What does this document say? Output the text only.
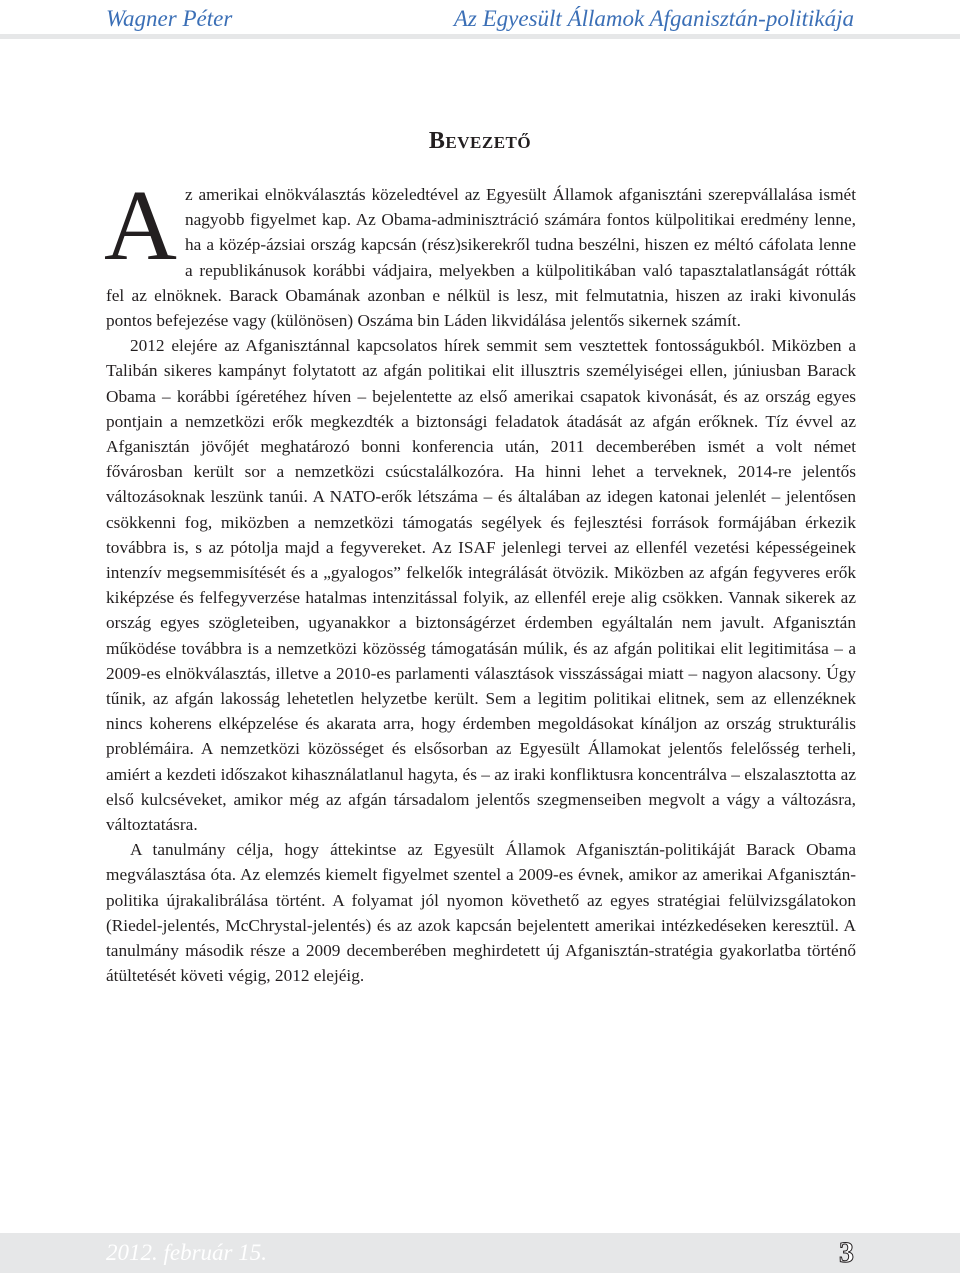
Wagner Péter	Az Egyesült Államok Afganisztán-politikája
Bevezető

Az amerikai elnökválasztás közeledtével az Egyesült Államok afganisztáni szerepvállalása ismét nagyobb figyelmet kap. Az Obama-adminisztráció számára fontos külpolitikai eredmény lenne, ha a közép-ázsiai ország kapcsán (rész)sikerekről tudna beszélni, hiszen ez méltó cáfolata lenne a republikánusok korábbi vádjaira, melyekben a külpolitikában való tapasztalatlanságát rótták fel az elnöknek. Barack Obamának azonban e nélkül is lesz, mit felmutatnia, hiszen az iraki kivonulás pontos befejezése vagy (különösen) Oszáma bin Láden likvidálása jelentős sikernek számít.

2012 elejére az Afganisztánnal kapcsolatos hírek semmit sem vesztettek fontosságukból. Miközben a Talibán sikeres kampányt folytatott az afgán politikai elit illusztris személyiségei ellen, júniusban Barack Obama – korábbi ígéretéhez híven – bejelentette az első amerikai csapatok kivonását, és az ország egyes pontjain a nemzetközi erők megkezdték a biztonsági feladatok átadását az afgán erőknek. Tíz évvel az Afganisztán jövőjét meghatározó bonni konferencia után, 2011 decemberében ismét a volt német fővárosban került sor a nemzetközi csúcstalálkozóra. Ha hinni lehet a terveknek, 2014-re jelentős változásoknak leszünk tanúi. A NATO-erők létszáma – és általában az idegen katonai jelenlét – jelentősen csökkenni fog, miközben a nemzetközi támogatás segélyek és fejlesztési források formájában érkezik továbbra is, s az pótolja majd a fegyvereket. Az ISAF jelenlegi tervei az ellenfél vezetési képességeinek intenzív megsemmisítését és a „gyalogos” felkelők integrálását ötvözik. Miközben az afgán fegyveres erők kiképzése és felfegyverzése hatalmas intenzitással folyik, az ellenfél ereje alig csökken. Vannak sikerek az ország egyes szögleteiben, ugyanakkor a biztonságérzet érdemben egyáltalán nem javult. Afganisztán működése továbbra is a nemzetközi közösség támogatásán múlik, és az afgán politikai elit legitimitása – a 2009-es elnökválasztás, illetve a 2010-es parlamenti választások visszásságai miatt – nagyon alacsony. Úgy tűnik, az afgán lakosság lehetetlen helyzetbe került. Sem a legitim politikai elitnek, sem az ellenzéknek nincs koherens elképzelése és akarata arra, hogy érdemben megoldásokat kínáljon az ország strukturális problémáira. A nemzetközi közösséget és elsősorban az Egyesült Államokat jelentős felelősség terheli, amiért a kezdeti időszakot kihasználatlanul hagyta, és – az iraki konfliktusra koncentrálva – elszalasztotta az első kulcséveket, amikor még az afgán társadalom jelentős szegmenseiben megvolt a vágy a változásra, változtatásra.

A tanulmány célja, hogy áttekintse az Egyesült Államok Afganisztán-politikáját Barack Obama megválasztása óta. Az elemzés kiemelt figyelmet szentel a 2009-es évnek, amikor az amerikai Afganisztán-politika újrakalibrálása történt. A folyamat jól nyomon követhető az egyes stratégiai felülvizsgálatokon (Riedel-jelentés, McChrystal-jelentés) és az azok kapcsán bejelentett amerikai intézkedéseken keresztül. A tanulmány második része a 2009 decemberében meghirdetett új Afganisztán-stratégia gyakorlatba történő átültetését követi végig, 2012 elejéig.

2012. február 15.	3
